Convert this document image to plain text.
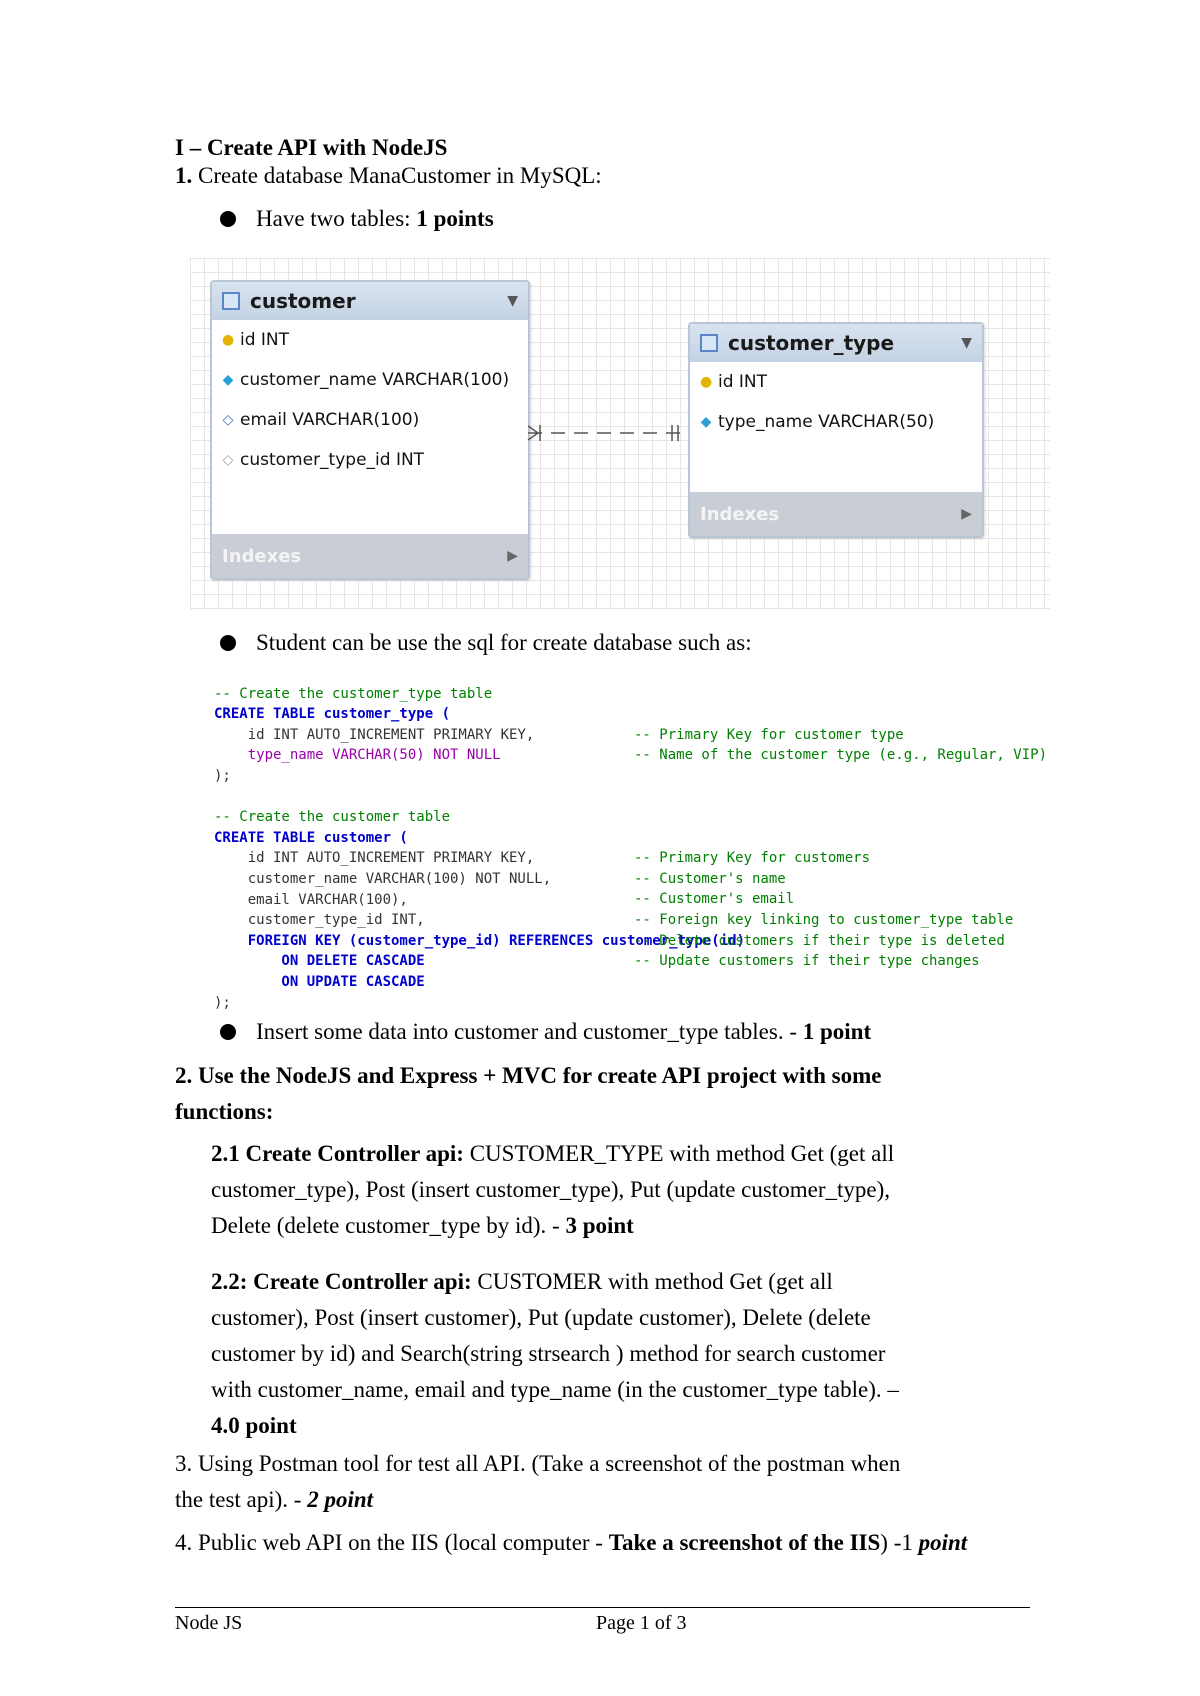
I – Create API with NodeJS
1. Create database ManaCustomer in MySQL:
Have two tables: 1 points
customer	▼
● id INT
◆ customer_name VARCHAR(100)
◇ email VARCHAR(100)
◇ customer_type_id INT
Indexes	▶
customer_type	▼
● id INT
◆ type_name VARCHAR(50)
Indexes	▶
Student can be use the sql for create database such as:

-- Create the customer_type table
CREATE TABLE customer_type (
id INT AUTO_INCREMENT PRIMARY KEY,
type_name VARCHAR(50) NOT NULL
);

-- Create the customer table
CREATE TABLE customer (
id INT AUTO_INCREMENT PRIMARY KEY,
customer_name VARCHAR(100) NOT NULL,
email VARCHAR(100),
customer_type_id INT,
FOREIGN KEY (customer_type_id) REFERENCES customer_type(id)
ON DELETE CASCADE
ON UPDATE CASCADE
);

-- Primary Key for customer type
-- Name of the customer type (e.g., Regular, VIP)

-- Primary Key for customers
-- Customer's name
-- Customer's email
-- Foreign key linking to customer_type table
-- Delete customers if their type is deleted
-- Update customers if their type changes

Insert some data into customer and customer_type tables. - 1 point
2. Use the NodeJS and Express + MVC for create API project with some
functions:
2.1 Create Controller api: CUSTOMER_TYPE with method Get (get all
customer_type), Post (insert customer_type), Put (update customer_type),
Delete (delete customer_type by id). - 3 point
2.2: Create Controller api: CUSTOMER with method Get (get all
customer), Post (insert customer), Put (update customer), Delete (delete
customer by id) and Search(string strsearch ) method for search customer
with customer_name, email and type_name (in the customer_type table). –
4.0 point
3. Using Postman tool for test all API. (Take a screenshot of the postman when
the test api). - 2 point
4. Public web API on the IIS (local computer - Take a screenshot of the IIS) -1 point
Node JS	Page 1 of 3
